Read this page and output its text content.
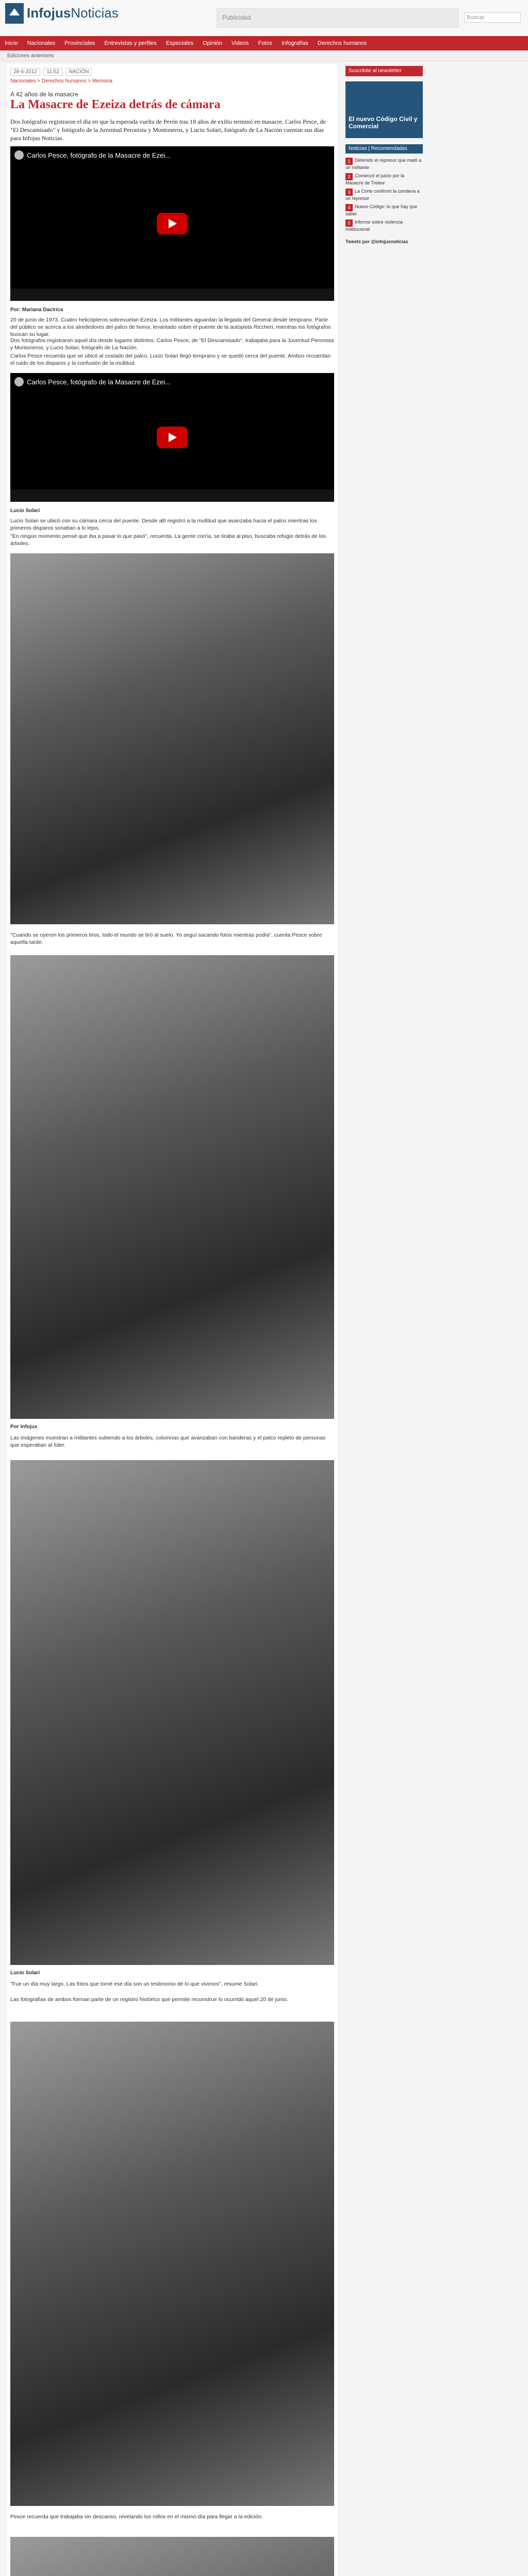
InfojusNoticias	Publicidad	Buscar
Inicio Nacionales Provinciales Entrevistas y perfiles Especiales Opinión Videos Fotos Infografías Derechos humanos
Ediciones anteriores
28-6-2012 11:52 NACIÓN
Nacionales > Derechos humanos > Memoria
A 42 años de la masacre
La Masacre de Ezeiza detrás de cámara
Dos fotógrafos registraron el día en que la esperada vuelta de Perón tras 18 años de exilio terminó en masacre. Carlos Pesce, de "El Descamisado" y fotógrafo de la Juventud Peronista y Montoneros, y Lucio Solari, fotógrafo de La Nación cuentan sus días para Infojus Noticias.
Carlos Pesce, fotógrafo de la Masacre de Ezei...
Por: Mariana Dacirica
20 de junio de 1973. Cuatro helicópteros sobrevuelan Ezeiza. Los militantes aguardan la llegada del General desde temprano. Parte del público se acerca a los alrededores del palco de honor, levantado sobre el puente de la autopista Riccheri, mientras los fotógrafos buscan su lugar.
Dos fotógrafos registraron aquel día desde lugares distintos. Carlos Pesce, de "El Descamisado", trabajaba para la Juventud Peronista y Montoneros, y Lucio Solari, fotógrafo de La Nación.
Carlos Pesce recuerda que se ubicó al costado del palco. Lucio Solari llegó temprano y se quedó cerca del puente. Ambos recuerdan el ruido de los disparos y la confusión de la multitud.
Carlos Pesce, fotógrafo de la Masacre de Ezei...
Lucio Solari
Lucio Solari se ubicó con su cámara cerca del puente. Desde allí registró a la multitud que avanzaba hacia el palco mientras los primeros disparos sonaban a lo lejos.
"En ningún momento pensé que iba a pasar lo que pasó", recuerda. La gente corría, se tiraba al piso, buscaba refugio detrás de los árboles.
"Cuando se oyeron los primeros tiros, todo el mundo se tiró al suelo. Yo seguí sacando fotos mientras podía", cuenta Pesce sobre aquella tarde.
Por Infojus
Las imágenes muestran a militantes subiendo a los árboles, columnas que avanzaban con banderas y el palco repleto de personas que esperaban al líder.
Lucio Solari
"Fue un día muy largo. Las fotos que tomé ese día son un testimonio de lo que vivimos", resume Solari.
Las fotografías de ambos forman parte de un registro histórico que permite reconstruir lo ocurrido aquel 20 de junio.
Pesce recuerda que trabajaba sin descanso, revelando los rollos en el mismo día para llegar a la edición.

Suscribite al newsletter
El nuevo Código Civil y Comercial
Noticias | Recomendadas
1 Detenido el represor que mató a un militante
2 Comenzó el juicio por la Masacre de Trelew
3 La Corte confirmó la condena a un represor
4 Nuevo Código: lo que hay que saber
5 Informe sobre violencia institucional
Tweets por @infojusnoticias
